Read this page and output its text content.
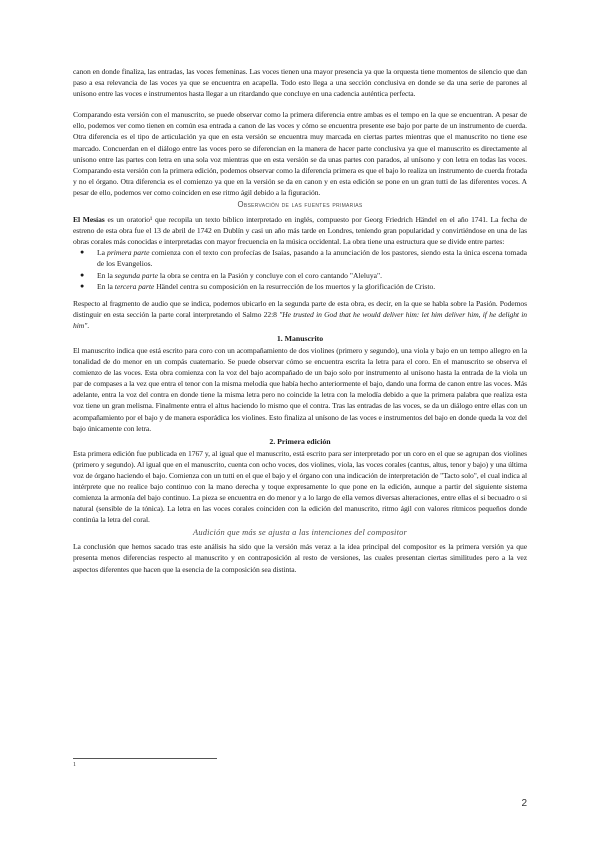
canon en donde finaliza, las entradas, las voces femeninas. Las voces tienen una mayor presencia ya que la orquesta tiene momentos de silencio que dan paso a esa relevancia de las voces ya que se encuentra en acapella. Todo esto llega a una sección conclusiva en donde se da una serie de parones al unísono entre las voces e instrumentos hasta llegar a un ritardando que concluye en una cadencia auténtica perfecta.

Comparando esta versión con el manuscrito, se puede observar como la primera diferencia entre ambas es el tempo en la que se encuentran. A pesar de ello, podemos ver como tienen en común esa entrada a canon de las voces y cómo se encuentra presente ese bajo por parte de un instrumento de cuerda. Otra diferencia es el tipo de articulación ya que en esta versión se encuentra muy marcada en ciertas partes mientras que el manuscrito no tiene ese marcado. Concuerdan en el diálogo entre las voces pero se diferencian en la manera de hacer parte conclusiva ya que el manuscrito es directamente al unísono entre las partes con letra en una sola voz mientras que en esta versión se da unas partes con parados, al unísono y con letra en todas las voces. Comparando esta versión con la primera edición, podemos observar como la diferencia primera es que el bajo lo realiza un instrumento de cuerda frotada y no el órgano. Otra diferencia es el comienzo ya que en la versión se da en canon y en esta edición se pone en un gran tutti de las diferentes voces. A pesar de ello, podemos ver como coinciden en ese ritmo ágil debido a la figuración.

Observación de las fuentes primarias

El Mesías es un oratorio¹ que recopila un texto bíblico interpretado en inglés, compuesto por Georg Friedrich Händel en el año 1741. La fecha de estreno de esta obra fue el 13 de abril de 1742 en Dublín y casi un año más tarde en Londres, teniendo gran popularidad y convirtiéndose en una de las obras corales más conocidas e interpretadas con mayor frecuencia en la música occidental. La obra tiene una estructura que se divide entre partes:

● La primera parte comienza con el texto con profecías de Isaías, pasando a la anunciación de los pastores, siendo esta la única escena tomada de los Evangelios.
● En la segunda parte la obra se centra en la Pasión y concluye con el coro cantando "Aleluya".
● En la tercera parte Händel centra su composición en la resurrección de los muertos y la glorificación de Cristo.

Respecto al fragmento de audio que se indica, podemos ubicarlo en la segunda parte de esta obra, es decir, en la que se habla sobre la Pasión. Podemos distinguir en esta sección la parte coral interpretando el Salmo 22:8 "He trusted in God that he would deliver him: let him deliver him, if he delight in him".

1. Manuscrito

El manuscrito indica que está escrito para coro con un acompañamiento de dos violines (primero y segundo), una viola y bajo en un tempo allegro en la tonalidad de do menor en un compás cuaternario. Se puede observar cómo se encuentra escrita la letra para el coro. En el manuscrito se observa el comienzo de las voces. Esta obra comienza con la voz del bajo acompañado de un bajo solo por instrumento al unísono hasta la entrada de la viola un par de compases a la vez que entra el tenor con la misma melodía que había hecho anteriormente el bajo, dando una forma de canon entre las voces. Más adelante, entra la voz del contra en donde tiene la misma letra pero no coincide la letra con la melodía debido a que la primera palabra que realiza esta voz tiene un gran melisma. Finalmente entra el altus haciendo lo mismo que el contra. Tras las entradas de las voces, se da un diálogo entre ellas con un acompañamiento por el bajo y de manera esporádica los violines. Esto finaliza al unísono de las voces e instrumentos del bajo en donde queda la voz del bajo únicamente con letra.

2. Primera edición

Esta primera edición fue publicada en 1767 y, al igual que el manuscrito, está escrito para ser interpretado por un coro en el que se agrupan dos violines (primero y segundo). Al igual que en el manuscrito, cuenta con ocho voces, dos violines, viola, las voces corales (cantus, altus, tenor y bajo) y una última voz de órgano haciendo el bajo. Comienza con un tutti en el que el bajo y el órgano con una indicación de interpretación de "Tacto solo", el cual indica al intérprete que no realice bajo continuo con la mano derecha y toque expresamente lo que pone en la edición, aunque a partir del siguiente sistema comienza la armonía del bajo continuo. La pieza se encuentra en do menor y a lo largo de ella vemos diversas alteraciones, entre ellas el si becuadro o si natural (sensible de la tónica). La letra en las voces corales coinciden con la edición del manuscrito, ritmo ágil con valores rítmicos pequeños donde continúa la letra del coral.

Audición que más se ajusta a las intenciones del compositor

La conclusión que hemos sacado tras este análisis ha sido que la versión más veraz a la idea principal del compositor es la primera versión ya que presenta menos diferencias respecto al manuscrito y en contraposición al resto de versiones, las cuales presentan ciertas similitudes pero a la vez aspectos diferentes que hacen que la esencia de la composición sea distinta.

1
2
